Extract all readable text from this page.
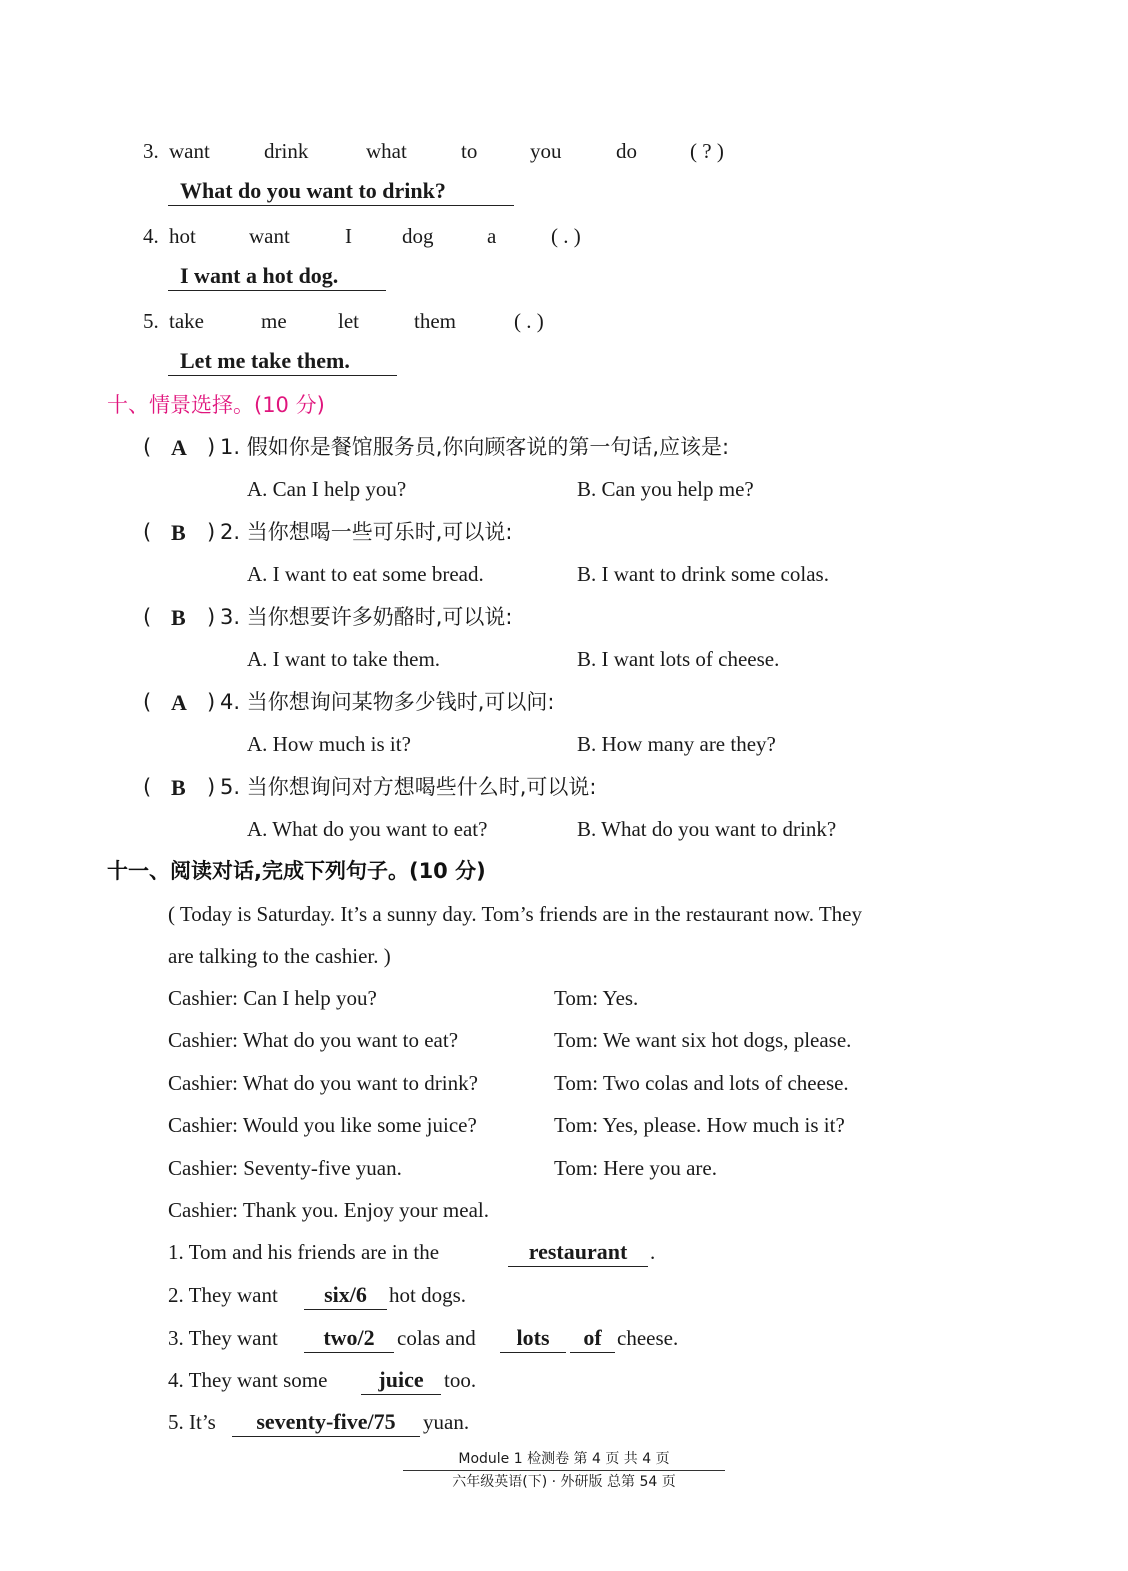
3. want	drink	what	to	you	do	( ? )
What do you want to drink?
4. hot	want	I dog	a	( . )
I want a hot dog.
5. take	me let	them	( . )
Let me take them.
十、情景选择。(10 分)
( A ) 1. 假如你是餐馆服务员,你向顾客说的第一句话,应该是:
A. Can I help you?	B. Can you help me?
( B ) 2. 当你想喝一些可乐时,可以说:
A. I want to eat some bread.	B. I want to drink some colas.
( B ) 3. 当你想要许多奶酪时,可以说:
A. I want to take them.	B. I want lots of cheese.
( A ) 4. 当你想询问某物多少钱时,可以问:
A. How much is it?	B. How many are they?
( B ) 5. 当你想询问对方想喝些什么时,可以说:
A. What do you want to eat?	B. What do you want to drink?
十一、阅读对话,完成下列句子。(10 分)
( Today is Saturday. It’s a sunny day. Tom’s friends are in the restaurant now. They
are talking to the cashier. )
Cashier: Can I help you?	Tom: Yes.
Cashier: What do you want to eat?	Tom: We want six hot dogs, please.
Cashier: What do you want to drink?	Tom: Two colas and lots of cheese.
Cashier: Would you like some juice?	Tom: Yes, please. How much is it?
Cashier: Seventy-five yuan.	Tom: Here you are.
Cashier: Thank you. Enjoy your meal.
1. Tom and his friends are in the	restaurant	.
2. They want	six/6	hot dogs.
3. They want	two/2	colas and	lots	of cheese.
4. They want some	juice too.
5. It’s	seventy-five/75	yuan.
Module 1 检测卷 第 4 页 共 4 页
六年级英语(下) · 外研版 总第 54 页
